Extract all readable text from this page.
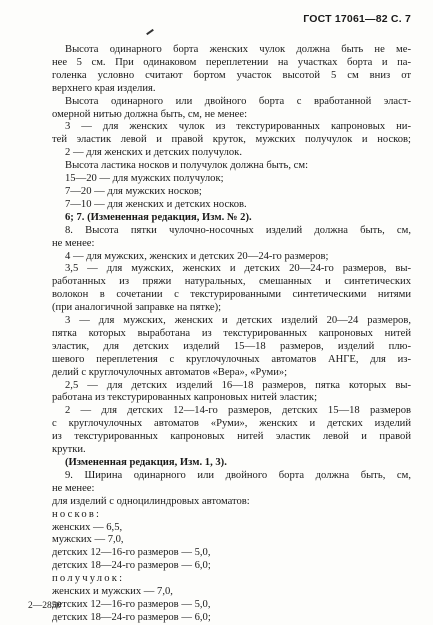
ГОСТ 17061—82 С. 7
Высота одинарного борта женских чулок должна быть не ме-
нее 5 см. При одинаковом переплетении на участках борта и па-
голенка условно считают бортом участок высотой 5 см вниз от
верхнего края изделия.
Высота одинарного или двойного борта с вработанной эласт-
омерной нитью должна быть, см, не менее:
3 — для женских чулок из текстурированных капроновых ни-
тей эластик левой и правой круток, мужских получулок и носков;
2 — для женских и детских получулок.
Высота ластика носков и получулок должна быть, см:
15—20 — для мужских получулок;
7—20 — для мужских носков;
7—10 — для женских и детских носков.
6; 7. (Измененная редакция, Изм. № 2).
8. Высота пятки чулочно-носочных изделий должна быть, см,
не менее:
4 — для мужских, женских и детских 20—24-го размеров;
3,5 — для мужских, женских и детских 20—24-го размеров, вы-
работанных из пряжи натуральных, смешанных и синтетических
волокон в сочетании с текстурированными синтетическими нитями
(при аналогичной заправке на пятке);
3 — для мужских, женских и детских изделий 20—24 размеров,
пятка которых выработана из текстурированных капроновых нитей
эластик, для детских изделий 15—18 размеров, изделий плю-
шевого переплетения с круглочулочных автоматов АНГЕ, для из-
делий с круглочулочных автоматов «Вера», «Руми»;
2,5 — для детских изделий 16—18 размеров, пятка которых вы-
работана из текстурированных капроновых нитей эластик;
2 — для детских 12—14-го размеров, детских 15—18 размеров
с круглочулочных автоматов «Руми», женских и детских изделий
из текстурированных капроновых нитей эластик левой и правой
крутки.
(Измененная редакция, Изм. 1, 3).
9. Ширина одинарного или двойного борта должна быть, см,
не менее:
для изделий с одноцилиндровых автоматов:
носков:
женских — 6,5,
мужских — 7,0,
детских 12—16-го размеров — 5,0,
детских 18—24-го размеров — 6,0;
получулок:
женских и мужских — 7,0,
детских 12—16-го размеров — 5,0,
детских 18—24-го размеров — 6,0;
2—2850
